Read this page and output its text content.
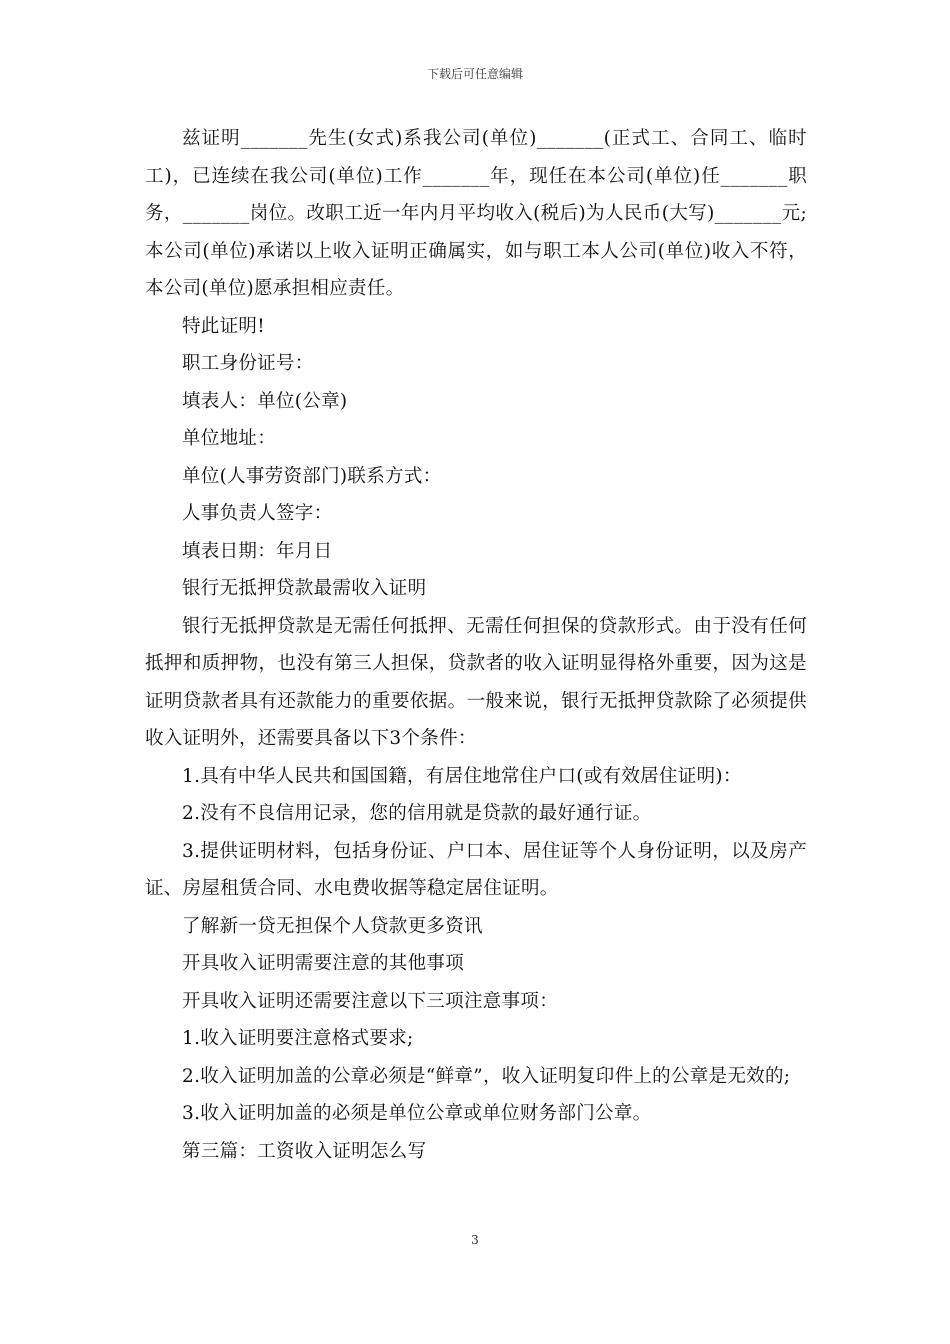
下载后可任意编辑

兹证明_______先生(女式)系我公司(单位)_______(正式工、合同工、临时工)，已连续在我公司(单位)工作_______年，现任在本公司(单位)任_______职务，_______岗位。改职工近一年内月平均收入(税后)为人民币(大写)_______元;本公司(单位)承诺以上收入证明正确属实，如与职工本人公司(单位)收入不符，本公司(单位)愿承担相应责任。

特此证明!

职工身份证号：

填表人：单位(公章)

单位地址：

单位(人事劳资部门)联系方式：

人事负责人签字：

填表日期：年月日

银行无抵押贷款最需收入证明

银行无抵押贷款是无需任何抵押、无需任何担保的贷款形式。由于没有任何抵押和质押物，也没有第三人担保，贷款者的收入证明显得格外重要，因为这是证明贷款者具有还款能力的重要依据。一般来说，银行无抵押贷款除了必须提供收入证明外，还需要具备以下3个条件：

1.具有中华人民共和国国籍，有居住地常住户口(或有效居住证明)：

2.没有不良信用记录，您的信用就是贷款的最好通行证。

3.提供证明材料，包括身份证、户口本、居住证等个人身份证明，以及房产证、房屋租赁合同、水电费收据等稳定居住证明。

了解新一贷无担保个人贷款更多资讯

开具收入证明需要注意的其他事项

开具收入证明还需要注意以下三项注意事项：

1.收入证明要注意格式要求;

2.收入证明加盖的公章必须是“鲜章”，收入证明复印件上的公章是无效的;

3.收入证明加盖的必须是单位公章或单位财务部门公章。

第三篇：工资收入证明怎么写

3
